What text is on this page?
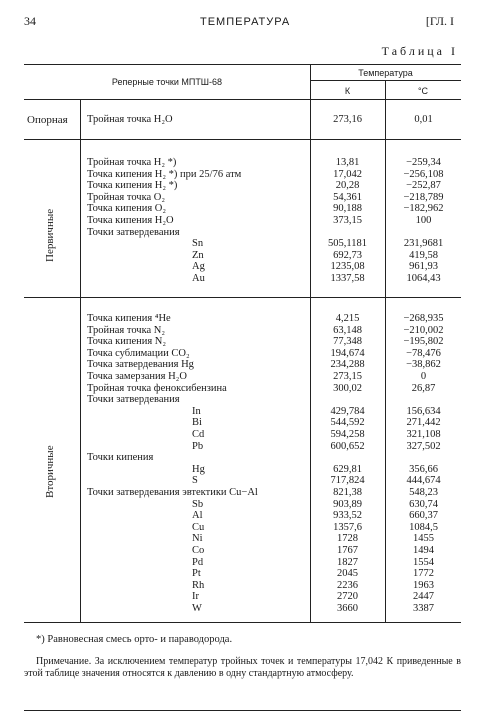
34	ТЕМПЕРАТУРА	[ГЛ. I
Таблица I
Реперные точки МПТШ-68
Температура
К	°С
Опорная Тройная точка H₂O	273,16	0,01
Первичные
Тройная точка H₂ *)	13,81	−259,34
Точка кипения H₂ *) при 25/76 атм	17,042	−256,108
Точка кипения H₂ *)	20,28	−252,87
Тройная точка O₂	54,361	−218,789
Точка кипения O₂	90,188	−182,962
Точка кипения H₂O	373,15	100
Точки затвердевания
Sn	505,1181	231,9681
Zn	692,73	419,58
Ag	1235,08	961,93
Au	1337,58	1064,43
Вторичные
Точка кипения ⁴He	4,215	−268,935
Тройная точка N₂	63,148	−210,002
Точка кипения N₂	77,348	−195,802
Точка сублимации CO₂	194,674	−78,476
Точка затвердевания Hg	234,288	−38,862
Точка замерзания H₂O	273,15	0
Тройная точка феноксибензина	300,02	26,87
Точки затвердевания
In	429,784	156,634
Bi	544,592	271,442
Cd	594,258	321,108
Pb	600,652	327,502
Точки кипения
Hg	629,81	356,66
S	717,824	444,674
Точки затвердевания эвтектики Cu−Al	821,38	548,23
Sb	903,89	630,74
Al	933,52	660,37
Cu	1357,6	1084,5
Ni	1728	1455
Co	1767	1494
Pd	1827	1554
Pt	2045	1772
Rh	2236	1963
Ir	2720	2447
W	3660	3387
*) Равновесная смесь орто- и параводорода.
Примечание. За исключением температур тройных точек и температуры 17,042 К приведенные в этой таблице значения относятся к давлению в одну стандартную атмосферу.
